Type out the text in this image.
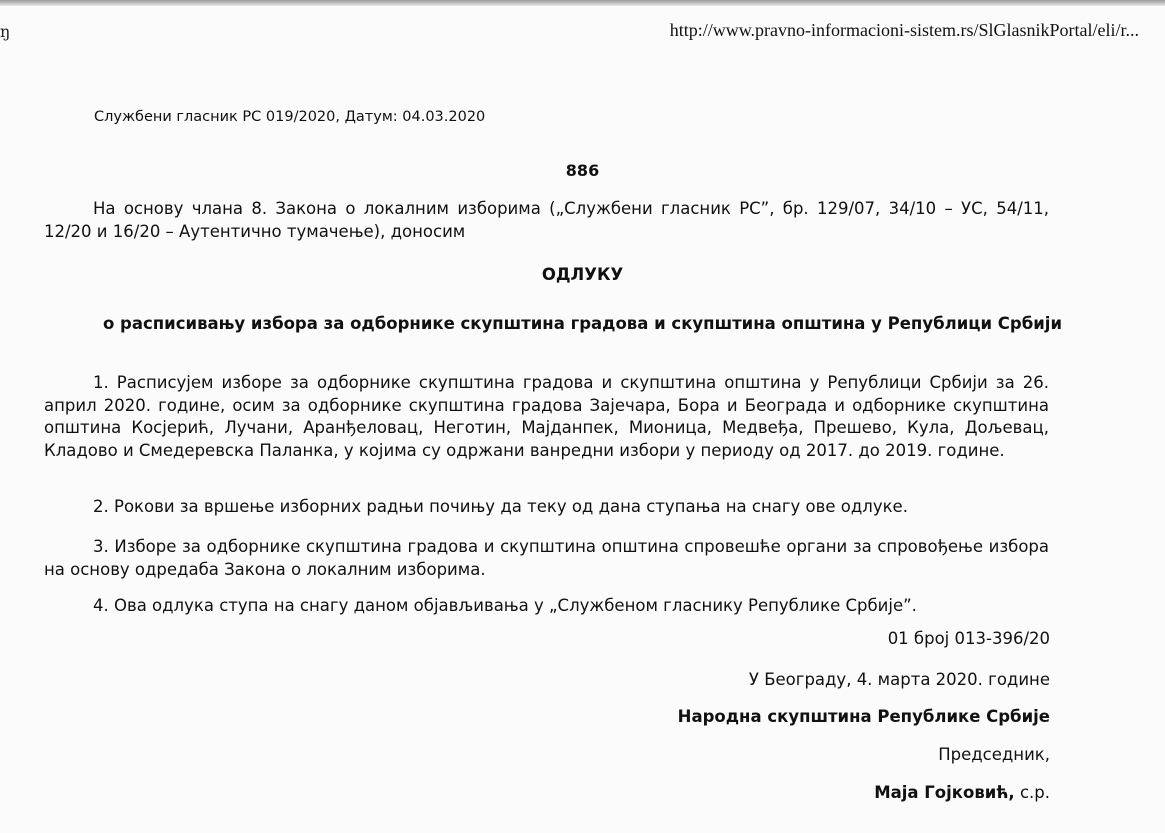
ŋ	http://www.pravno-informacioni-sistem.rs/SlGlasnikPortal/eli/r...
Службени гласник РС 019/2020, Датум: 04.03.2020
886

На основу члана 8. Закона о локалним изборима („Службени гласник РС”, бр. 129/07, 34/10 – УС, 54/11, 12/20 и 16/20 – Аутентично тумачење), доносим

ОДЛУКУ
о расписивању избора за одборнике скупштина градова и скупштина општина у Републици Србији

1. Расписујем изборе за одборнике скупштина градова и скупштина општина у Републици Србији за 26. април 2020. године, осим за одборнике скупштина градова Зајечара, Бора и Београда и одборнике скупштина општина Косјерић, Лучани, Аранђеловац, Неготин, Мајданпек, Мионица, Медвеђа, Прешево, Кула, Дољевац, Кладово и Смедеревска Паланка, у којима су одржани ванредни избори у периоду од 2017. до 2019. године.

2. Рокови за вршење изборних радњи почињу да теку од дана ступања на снагу ове одлуке.

3. Изборе за одборнике скупштина градова и скупштина општина спровешће органи за спровођење избора на основу одредаба Закона о локалним изборима.

4. Ова одлука ступа на снагу даном објављивања у „Службеном гласнику Републике Србије”.

01 број 013-396/20
У Београду, 4. марта 2020. године
Народна скупштина Републике Србије
Председник,
Маја Гојковић, с.р.
